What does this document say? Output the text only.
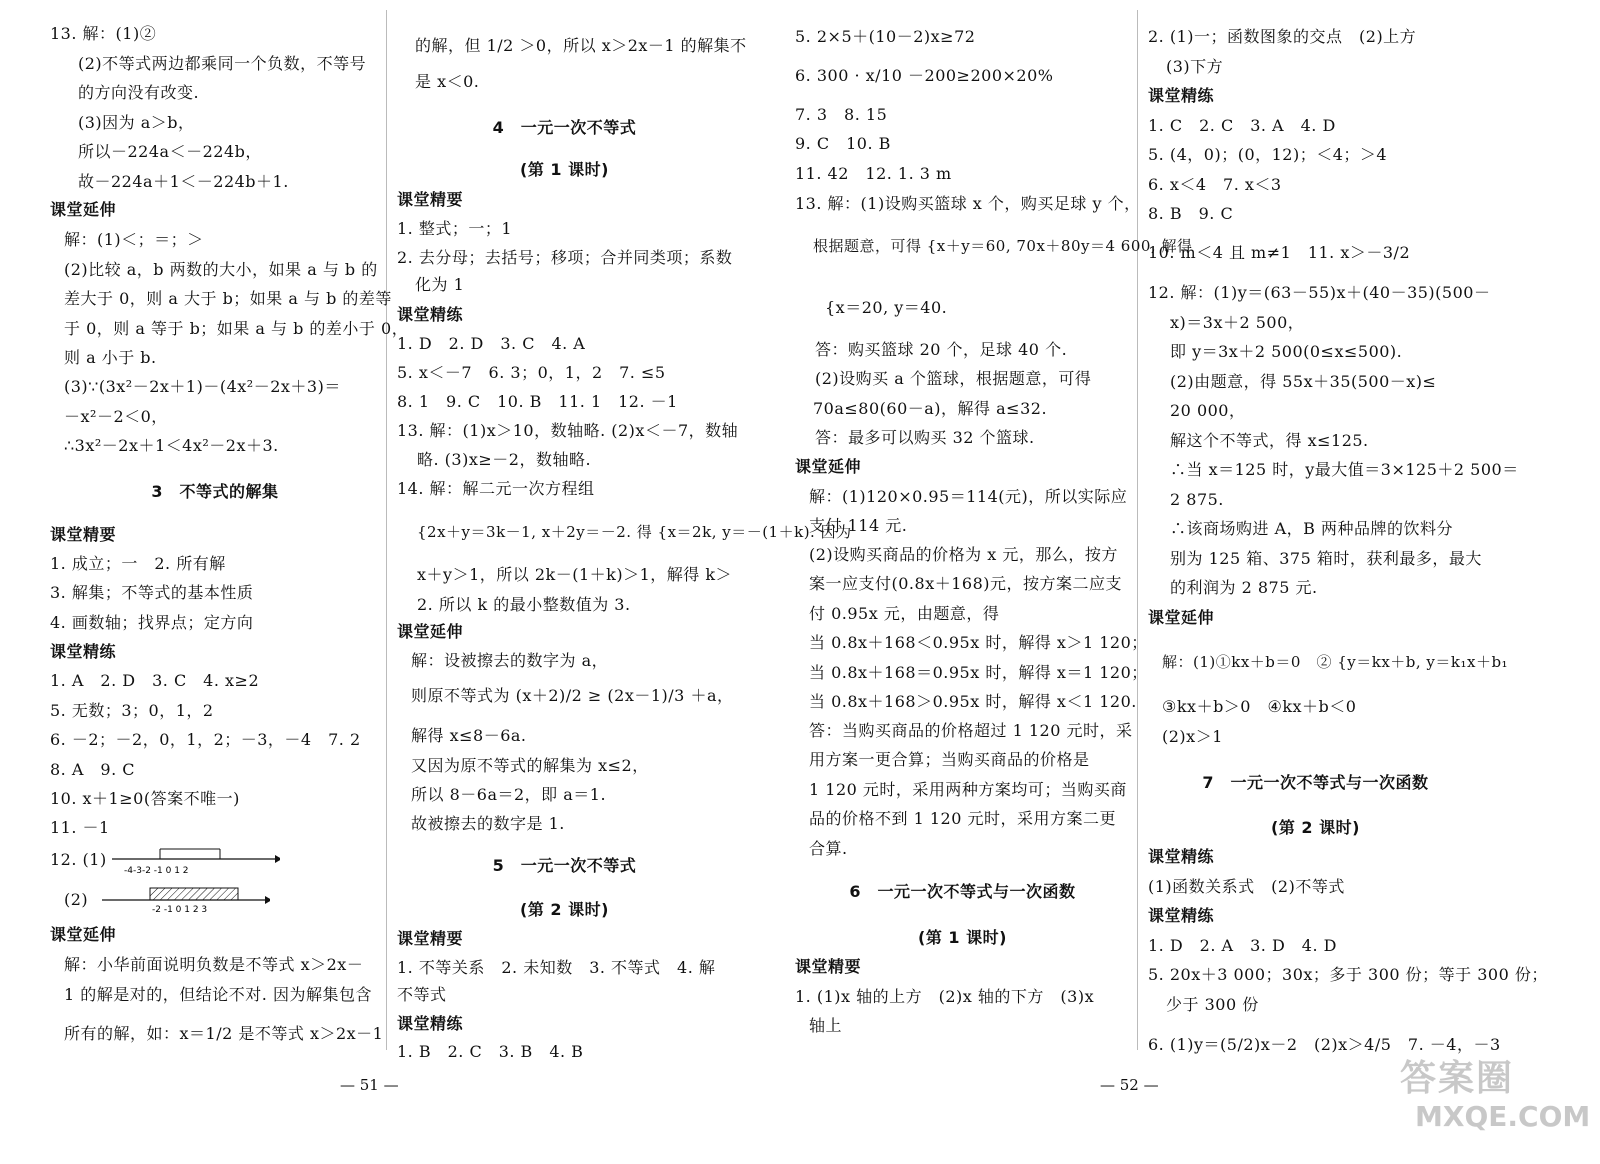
13. 解：(1)②
(2)不等式两边都乘同一个负数，不等号
的方向没有改变.
(3)因为 a＞b，
所以－224a＜－224b，
课堂延伸
故－224a＋1＜－224b＋1.
解：(1)＜；＝；＞
(2)比较 a，b 两数的大小，如果 a 与 b 的
差大于 0，则 a 大于 b；如果 a 与 b 的差等
于 0，则 a 等于 b；如果 a 与 b 的差小于 0，
则 a 小于 b.
(3)∵(3x²－2x＋1)－(4x²－2x＋3)＝
－x²－2＜0，
∴3x²－2x＋1＜4x²－2x＋3.
3　不等式的解集
课堂精要
1. 成立；一　2. 所有解
3. 解集；不等式的基本性质
4. 画数轴；找界点；定方向
课堂精练
1. A　2. D　3. C　4. x≥2
5. 无数；3；0，1，2
6. －2；－2，0，1，2；－3，－4　7. 2
8. A　9. C
10. x＋1≥0(答案不唯一)
11. －1
12. (1)
-4-3-2 -1 0 1 2
(2)
-2 -1 0 1 2 3
课堂延伸
解：小华前面说明负数是不等式 x＞2x－
1 的解是对的，但结论不对. 因为解集包含
所有的解，如：x＝1/2 是不等式 x＞2x－1
的解，但 1/2 ＞0，所以 x＞2x－1 的解集不
是 x＜0.
4　一元一次不等式
(第 1 课时)
课堂精要
1. 整式；一；1
2. 去分母；去括号；移项；合并同类项；系数
化为 1
课堂精练
1. D　2. D　3. C　4. A
5. x＜－7　6. 3；0，1，2　7. ≤5
8. 1　9. C　10. B　11. 1　12. －1
13. 解：(1)x＞10，数轴略. (2)x＜－7，数轴
略. (3)x≥－2，数轴略.
14. 解：解二元一次方程组
{2x＋y＝3k－1, x＋2y＝－2. 得 {x＝2k, y＝－(1＋k). 因为
x＋y＞1，所以 2k－(1＋k)＞1，解得 k＞
2. 所以 k 的最小整数值为 3.
课堂延伸
解：设被擦去的数字为 a，
则原不等式为 (x＋2)/2 ≥ (2x－1)/3 ＋a，
解得 x≤8－6a.
又因为原不等式的解集为 x≤2，
所以 8－6a＝2，即 a＝1.
故被擦去的数字是 1.
5　一元一次不等式
(第 2 课时)
课堂精要
1. 不等关系　2. 未知数　3. 不等式　4. 解
不等式
课堂精练
1. B　2. C　3. B　4. B
— 51 —
5. 2×5＋(10－2)x≥72
6. 300 · x/10 －200≥200×20%
7. 3　8. 15
9. C　10. B
11. 42　12. 1. 3 m
13. 解：(1)设购买篮球 x 个，购买足球 y 个，
根据题意，可得 {x＋y＝60, 70x＋80y＝4 600, 解得
{x＝20, y＝40.
答：购买篮球 20 个，足球 40 个.
(2)设购买 a 个篮球，根据题意，可得
70a≤80(60－a)，解得 a≤32.
答：最多可以购买 32 个篮球.
课堂延伸
解：(1)120×0.95＝114(元)，所以实际应
支付 114 元.
(2)设购买商品的价格为 x 元，那么，按方
案一应支付(0.8x＋168)元，按方案二应支
付 0.95x 元，由题意，得
当 0.8x＋168＜0.95x 时，解得 x＞1 120；
当 0.8x＋168＝0.95x 时，解得 x＝1 120；
当 0.8x＋168＞0.95x 时，解得 x＜1 120.
答：当购买商品的价格超过 1 120 元时，采
用方案一更合算；当购买商品的价格是
1 120 元时，采用两种方案均可；当购买商
品的价格不到 1 120 元时，采用方案二更
合算.
6　一元一次不等式与一次函数
(第 1 课时)
课堂精要
1. (1)x 轴的上方　(2)x 轴的下方　(3)x
轴上
2. (1)一；函数图象的交点　(2)上方
(3)下方
课堂精练
1. C　2. C　3. A　4. D
5. (4，0)；(0，12)；＜4；＞4
6. x＜4　7. x＜3
8. B　9. C
10. m＜4 且 m≠1　11. x＞－3/2
12. 解：(1)y＝(63－55)x＋(40－35)(500－
x)＝3x＋2 500，
即 y＝3x＋2 500(0≤x≤500).
(2)由题意，得 55x＋35(500－x)≤
20 000，
解这个不等式，得 x≤125.
∴当 x＝125 时，y最大值＝3×125＋2 500＝
2 875.
∴该商场购进 A，B 两种品牌的饮料分
别为 125 箱、375 箱时，获利最多，最大
的利润为 2 875 元.
课堂延伸
解：(1)①kx＋b＝0　② {y＝kx＋b, y＝k₁x＋b₁
③kx＋b＞0　④kx＋b＜0
(2)x＞1
7　一元一次不等式与一次函数
(第 2 课时)
课堂精练
(1)函数关系式　(2)不等式
课堂精练
1. D　2. A　3. D　4. D
5. 20x＋3 000；30x；多于 300 份；等于 300 份；
少于 300 份
6. (1)y＝(5/2)x－2　(2)x＞4/5　7. －4，－3
— 52 —	答案圈
MXQE.COM
